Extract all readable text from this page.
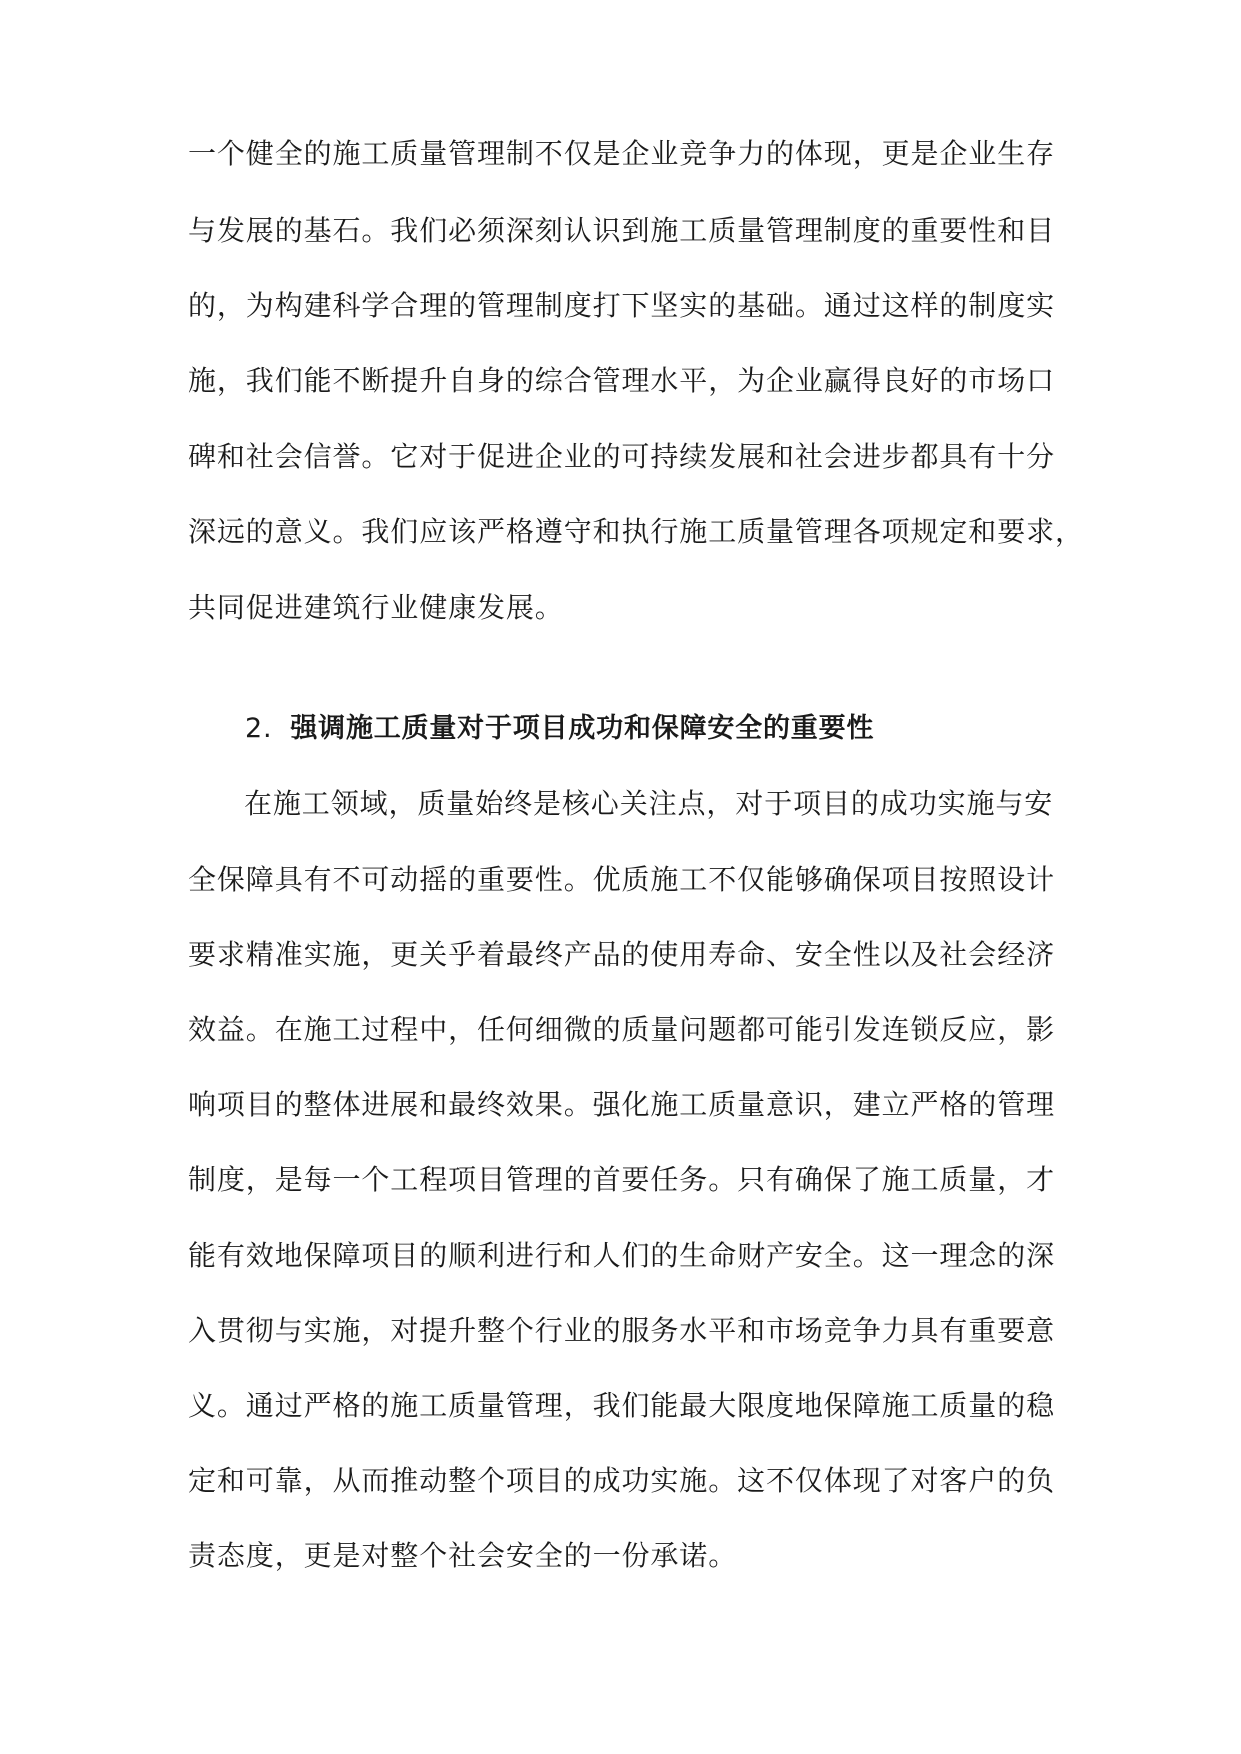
一个健全的施工质量管理制不仅是企业竞争力的体现，更是企业生存
与发展的基石。我们必须深刻认识到施工质量管理制度的重要性和目
的，为构建科学合理的管理制度打下坚实的基础。通过这样的制度实
施，我们能不断提升自身的综合管理水平，为企业赢得良好的市场口
碑和社会信誉。它对于促进企业的可持续发展和社会进步都具有十分
深远的意义。我们应该严格遵守和执行施工质量管理各项规定和要求，
共同促进建筑行业健康发展。
2. 强调施工质量对于项目成功和保障安全的重要性
在施工领域，质量始终是核心关注点，对于项目的成功实施与安
全保障具有不可动摇的重要性。优质施工不仅能够确保项目按照设计
要求精准实施，更关乎着最终产品的使用寿命、安全性以及社会经济
效益。在施工过程中，任何细微的质量问题都可能引发连锁反应，影
响项目的整体进展和最终效果。强化施工质量意识，建立严格的管理
制度，是每一个工程项目管理的首要任务。只有确保了施工质量，才
能有效地保障项目的顺利进行和人们的生命财产安全。这一理念的深
入贯彻与实施，对提升整个行业的服务水平和市场竞争力具有重要意
义。通过严格的施工质量管理，我们能最大限度地保障施工质量的稳
定和可靠，从而推动整个项目的成功实施。这不仅体现了对客户的负
责态度，更是对整个社会安全的一份承诺。
